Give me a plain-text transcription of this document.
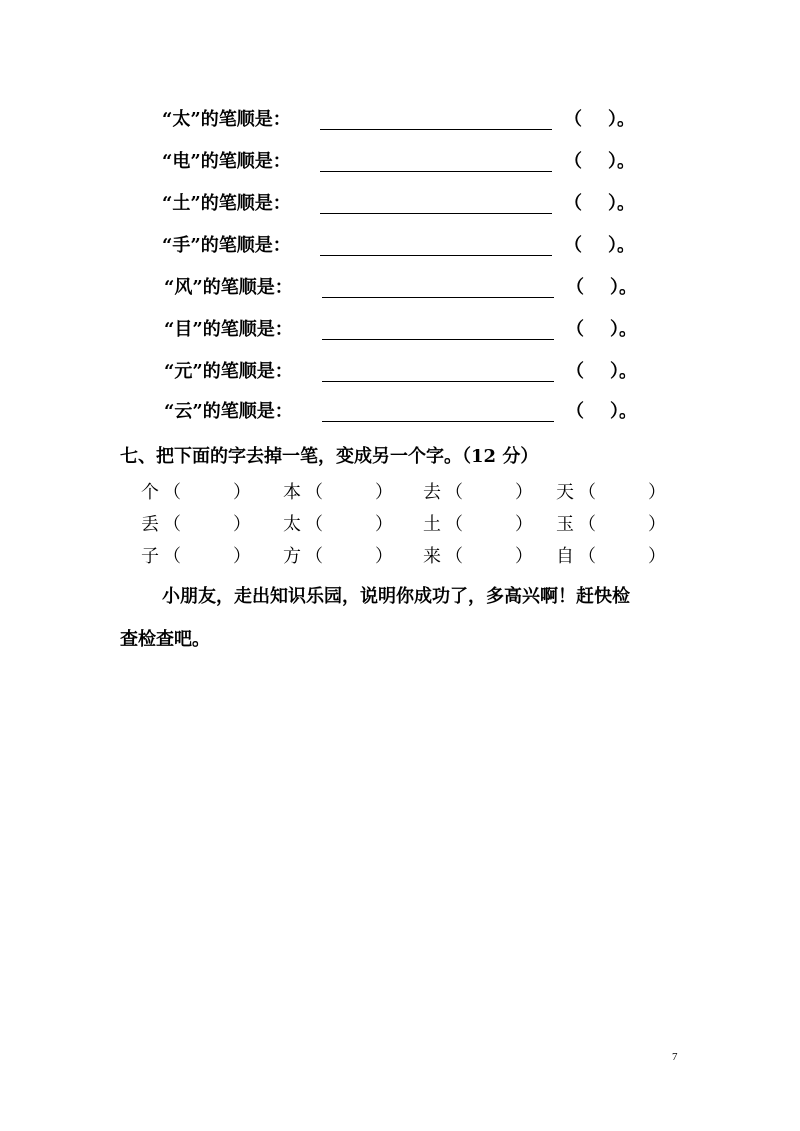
“太”的笔顺是：	（ ）。
“电”的笔顺是：	（ ）。
“土”的笔顺是：	（ ）。
“手”的笔顺是：	（ ）。
“风”的笔顺是：	（ ）。
“目”的笔顺是：	（ ）。
“元”的笔顺是：	（ ）。
“云”的笔顺是：	（ ）。
七、把下面的字去掉一笔，变成另一个字。（12 分）
个 （	） 本 （	） 去 （	） 天 （	）
丢 （	） 太 （	） 土 （	） 玉 （	）
子 （	） 方 （	） 来 （	） 自 （	）
小朋友，走出知识乐园，说明你成功了，多高兴啊！赶快检
查检查吧。
7
